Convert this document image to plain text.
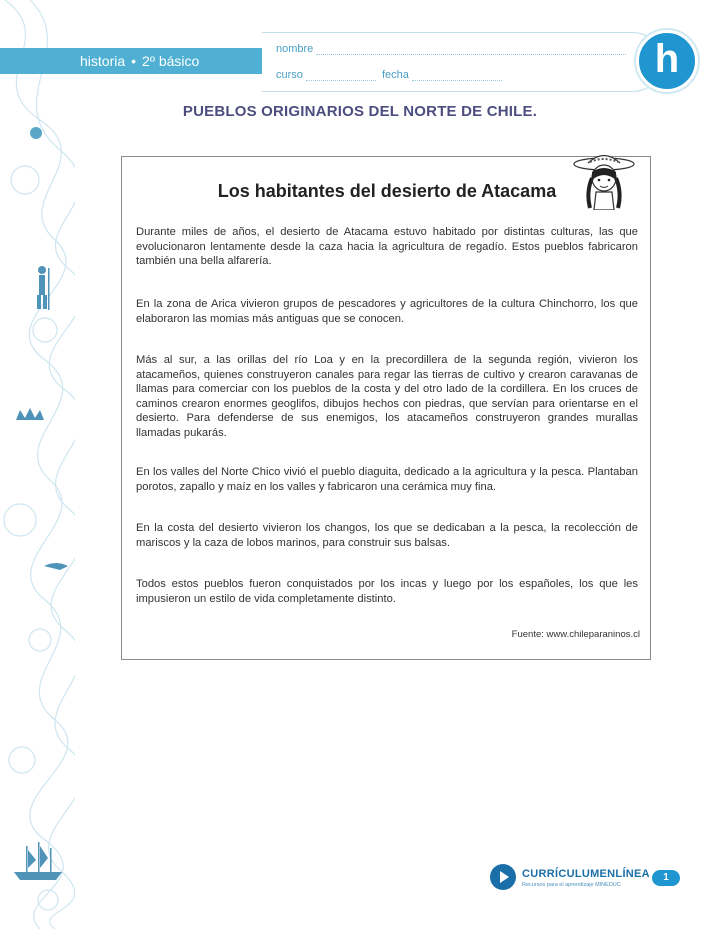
historia • 2º básico
nombre
curso	fecha	h
PUEBLOS ORIGINARIOS DEL NORTE DE CHILE.
Los habitantes del desierto de Atacama

Durante miles de años, el desierto de Atacama estuvo habitado por distintas culturas, las que evolucionaron lentamente desde la caza hacia la agricultura de regadío. Estos pueblos fabricaron también una bella alfarería.

En la zona de Arica vivieron grupos de pescadores y agricultores de la cultura Chinchorro, los que elaboraron las momias más antiguas que se conocen.

Más al sur, a las orillas del río Loa y en la precordillera de la segunda región, vivieron los atacameños, quienes construyeron canales para regar las tierras de cultivo y crearon caravanas de llamas para comerciar con los pueblos de la costa y del otro lado de la cordillera. En los cruces de caminos crearon enormes geoglifos, dibujos hechos con piedras, que servían para orientarse en el desierto. Para defenderse de sus enemigos, los atacameños construyeron grandes murallas llamadas pukarás.

En los valles del Norte Chico vivió el pueblo diaguita, dedicado a la agricultura y la pesca. Plantaban porotos, zapallo y maíz en los valles y fabricaron una cerámica muy fina.

En la costa del desierto vivieron los changos, los que se dedicaban a la pesca, la recolección de mariscos y la caza de lobos marinos, para construir sus balsas.

Todos estos pueblos fueron conquistados por los incas y luego por los españoles, los que les impusieron un estilo de vida completamente distinto.

Fuente: www.chileparaninos.cl
CURRÍCULUMENLÍNEA
Recursos para el aprendizaje MINEDUC
1
